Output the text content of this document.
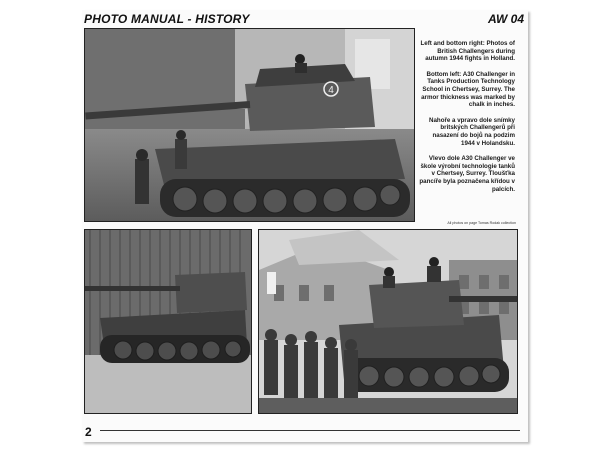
PHOTO MANUAL - HISTORY	AW 04
4

Left and bottom right: Photos of British Challengers during autumn 1944 fights in Holland.

Bottom left: A30 Challenger in Tanks Production Technology School in Chertsey, Surrey. The armor thickness was marked by chalk in inches.

Nahoře a vpravo dole snímky britských Challengerů při nasazení do bojů na podzim 1944 v Holandsku.

Vlevo dole A30 Challenger ve škole výrobní technologie tanků v Chertsey, Surrey. Tloušťka pancíře byla poznačena křídou v palcích.

All photos on page Tomas Rodak collection
2
